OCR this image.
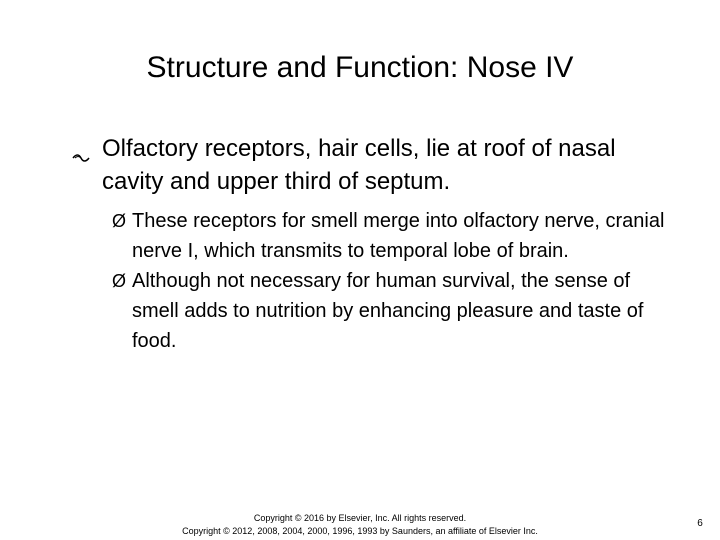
Structure and Function: Nose IV
Olfactory receptors, hair cells, lie at roof of nasal cavity and upper third of septum.
Ø These receptors for smell merge into olfactory nerve, cranial nerve I, which transmits to temporal lobe of brain.
Ø Although not necessary for human survival, the sense of smell adds to nutrition by enhancing pleasure and taste of food.
Copyright © 2016 by Elsevier, Inc. All rights reserved.
Copyright © 2012, 2008, 2004, 2000, 1996, 1993 by Saunders, an affiliate of Elsevier Inc.
6
